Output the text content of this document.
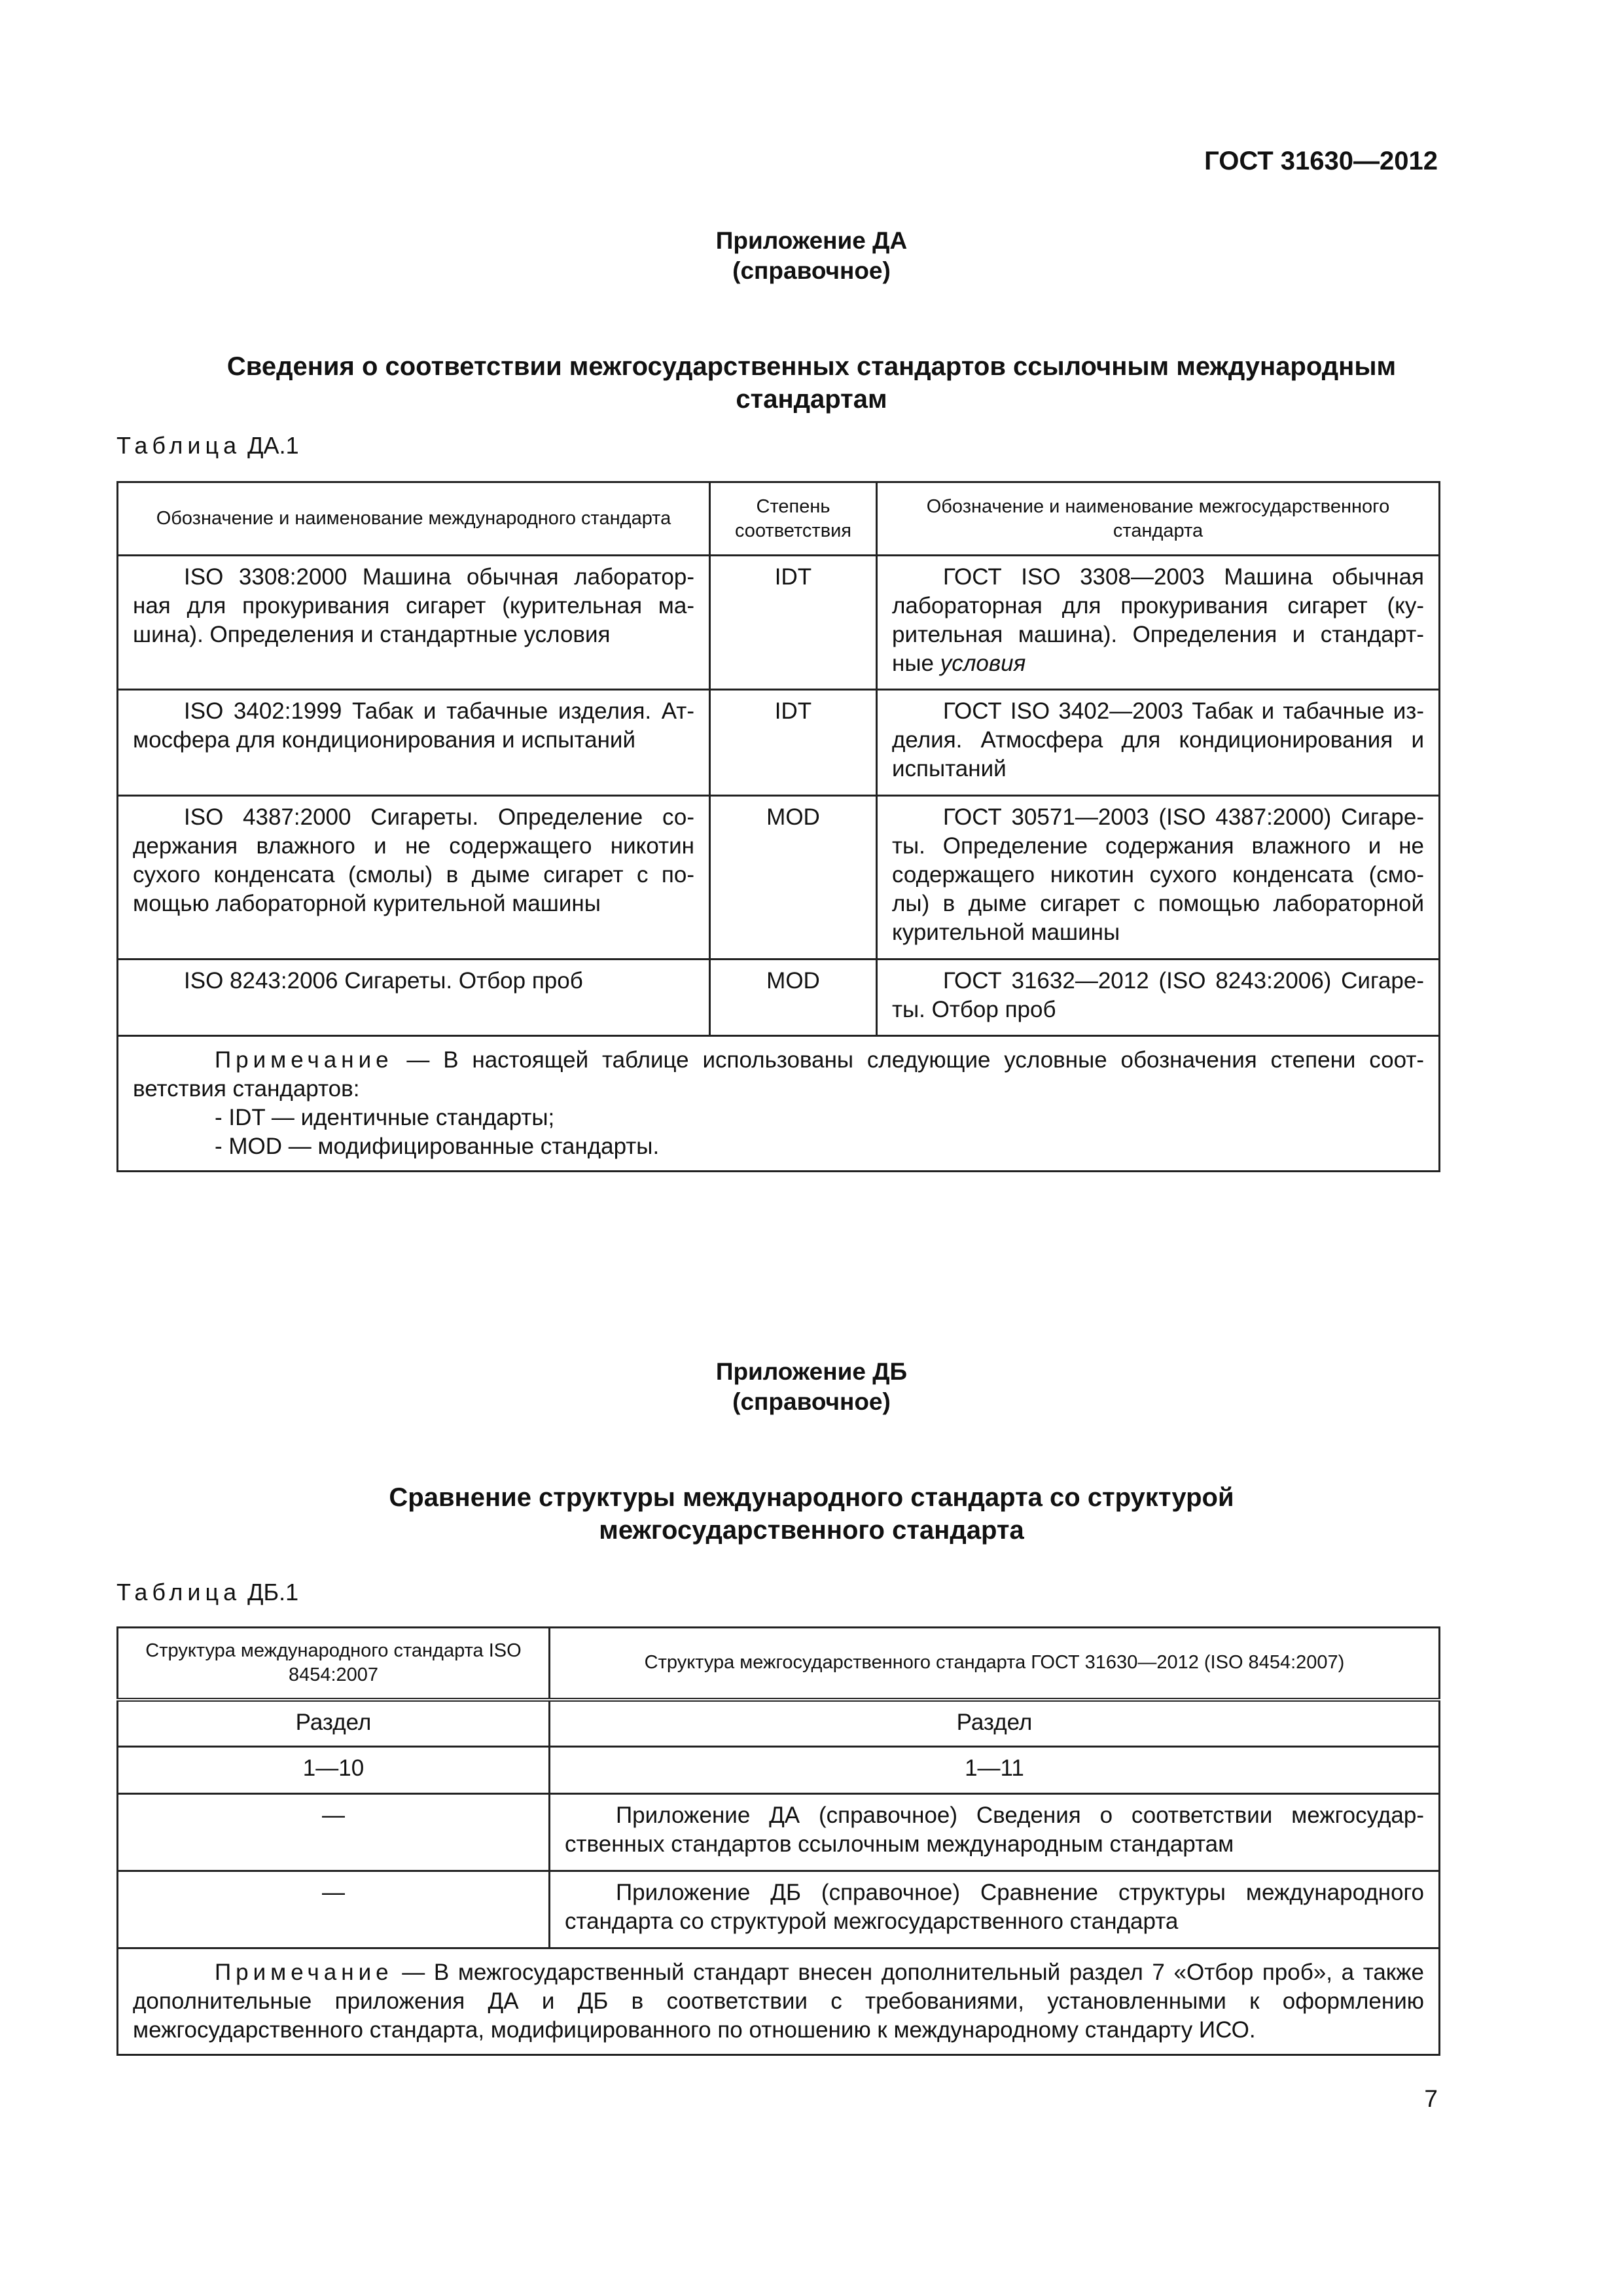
ГОСТ 31630—2012
Приложение ДА
(справочное)
Сведения о соответствии межгосударственных стандартов ссылочным международным
стандартам
Таблица ДА.1
Обозначение и наименование международного стандарта	Степень соответствия	Обозначение и наименование межгосударственного стандарта
ISO 3308:2000 Машина обычная лаборатор-ная для прокуривания сигарет (курительная ма-шина). Определения и стандартные условия	IDT	ГОСТ ISO 3308—2003 Машина обычная лабораторная для прокуривания сигарет (ку-рительная машина). Определения и стандарт-ные условия
ISO 3402:1999 Табак и табачные изделия. Ат-мосфера для кондиционирования и испытаний	IDT	ГОСТ ISO 3402—2003 Табак и табачные из-делия. Атмосфера для кондиционирования и испытаний
ISO 4387:2000 Сигареты. Определение со-держания влажного и не содержащего никотин сухого конденсата (смолы) в дыме сигарет с по-мощью лабораторной курительной машины	MOD	ГОСТ 30571—2003 (ISO 4387:2000) Сигаре-ты. Определение содержания влажного и не содержащего никотин сухого конденсата (смо-лы) в дыме сигарет с помощью лабораторной курительной машины
ISO 8243:2006 Сигареты. Отбор проб	MOD	ГОСТ 31632—2012 (ISO 8243:2006) Сигаре-ты. Отбор проб

Примечание — В настоящей таблице использованы следующие условные обозначения степени соот-ветствия стандартов:
- IDT — идентичные стандарты;
- MOD — модифицированные стандарты.		
Приложение ДБ
(справочное)
Сравнение структуры международного стандарта со структурой
межгосударственного стандарта
Таблица ДБ.1
Структура международного стандарта ISO 8454:2007	Структура межгосударственного стандарта ГОСТ 31630—2012 (ISO 8454:2007)
Раздел	Раздел
1—10	1—11
—	Приложение ДА (справочное) Сведения о соответствии межгосудар-ственных стандартов ссылочным международным стандартам
—	Приложение ДБ (справочное) Сравнение структуры международного стандарта со структурой межгосударственного стандарта

Примечание — В межгосударственный стандарт внесен дополнительный раздел 7 «Отбор проб», а также дополнительные приложения ДА и ДБ в соответствии с требованиями, установленными к оформлению межгосударственного стандарта, модифицированного по отношению к международному стандарту ИСО.	
7
